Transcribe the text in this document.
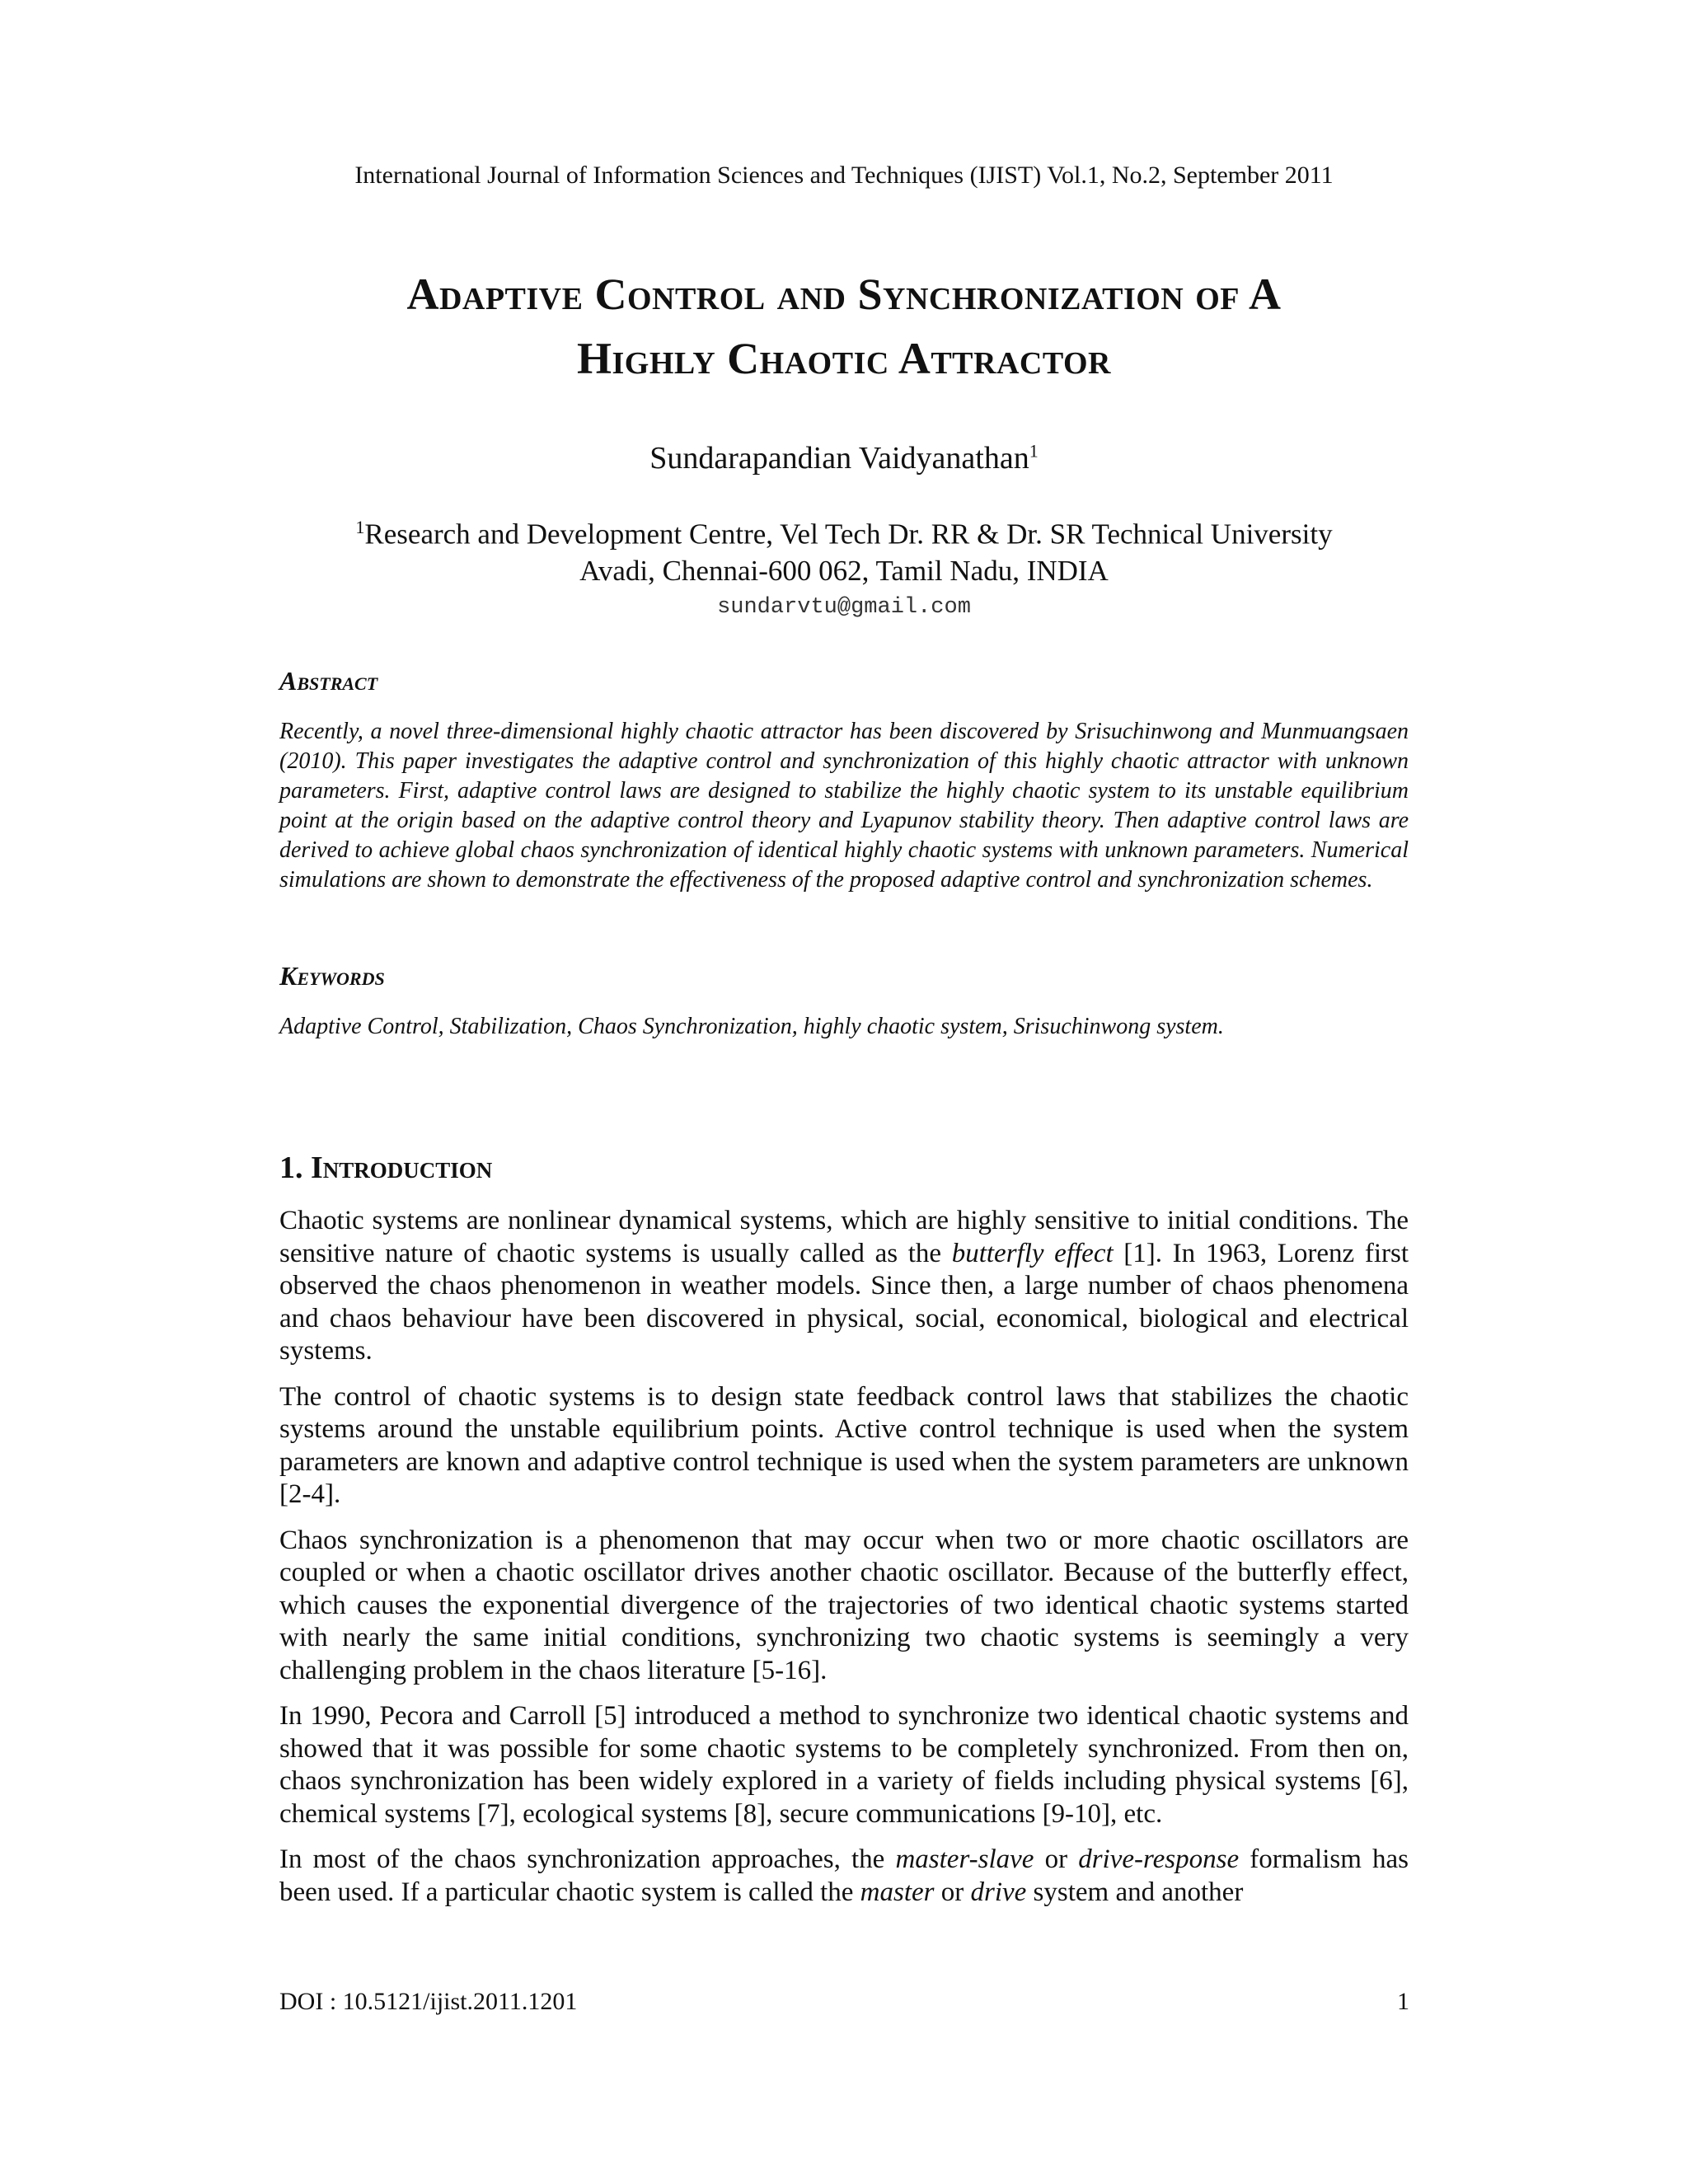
International Journal of Information Sciences and Techniques (IJIST) Vol.1, No.2, September 2011
Adaptive Control and Synchronization of A
Highly Chaotic Attractor
Sundarapandian Vaidyanathan$^1$
$^1$Research and Development Centre, Vel Tech Dr. RR & Dr. SR Technical University
Avadi, Chennai-600 062, Tamil Nadu, INDIA
sundarvtu@gmail.com
Abstract
Recently, a novel three-dimensional highly chaotic attractor has been discovered by Srisuchinwong and Munmuangsaen (2010). This paper investigates the adaptive control and synchronization of this highly chaotic attractor with unknown parameters. First, adaptive control laws are designed to stabilize the highly chaotic system to its unstable equilibrium point at the origin based on the adaptive control theory and Lyapunov stability theory. Then adaptive control laws are derived to achieve global chaos synchronization of identical highly chaotic systems with unknown parameters. Numerical simulations are shown to demonstrate the effectiveness of the proposed adaptive control and synchronization schemes.
Keywords
Adaptive Control, Stabilization, Chaos Synchronization, highly chaotic system, Srisuchinwong system.
1. Introduction

Chaotic systems are nonlinear dynamical systems, which are highly sensitive to initial conditions. The sensitive nature of chaotic systems is usually called as the butterfly effect [1]. In 1963, Lorenz first observed the chaos phenomenon in weather models. Since then, a large number of chaos phenomena and chaos behaviour have been discovered in physical, social, economical, biological and electrical systems.

The control of chaotic systems is to design state feedback control laws that stabilizes the chaotic systems around the unstable equilibrium points. Active control technique is used when the system parameters are known and adaptive control technique is used when the system parameters are unknown [2-4].

Chaos synchronization is a phenomenon that may occur when two or more chaotic oscillators are coupled or when a chaotic oscillator drives another chaotic oscillator. Because of the butterfly effect, which causes the exponential divergence of the trajectories of two identical chaotic systems started with nearly the same initial conditions, synchronizing two chaotic systems is seemingly a very challenging problem in the chaos literature [5-16].

In 1990, Pecora and Carroll [5] introduced a method to synchronize two identical chaotic systems and showed that it was possible for some chaotic systems to be completely synchronized. From then on, chaos synchronization has been widely explored in a variety of fields including physical systems [6], chemical systems [7], ecological systems [8], secure communications [9-10], etc.

In most of the chaos synchronization approaches, the master-slave or drive-response formalism has been used. If a particular chaotic system is called the master or drive system and another

DOI : 10.5121/ijist.2011.1201	1
